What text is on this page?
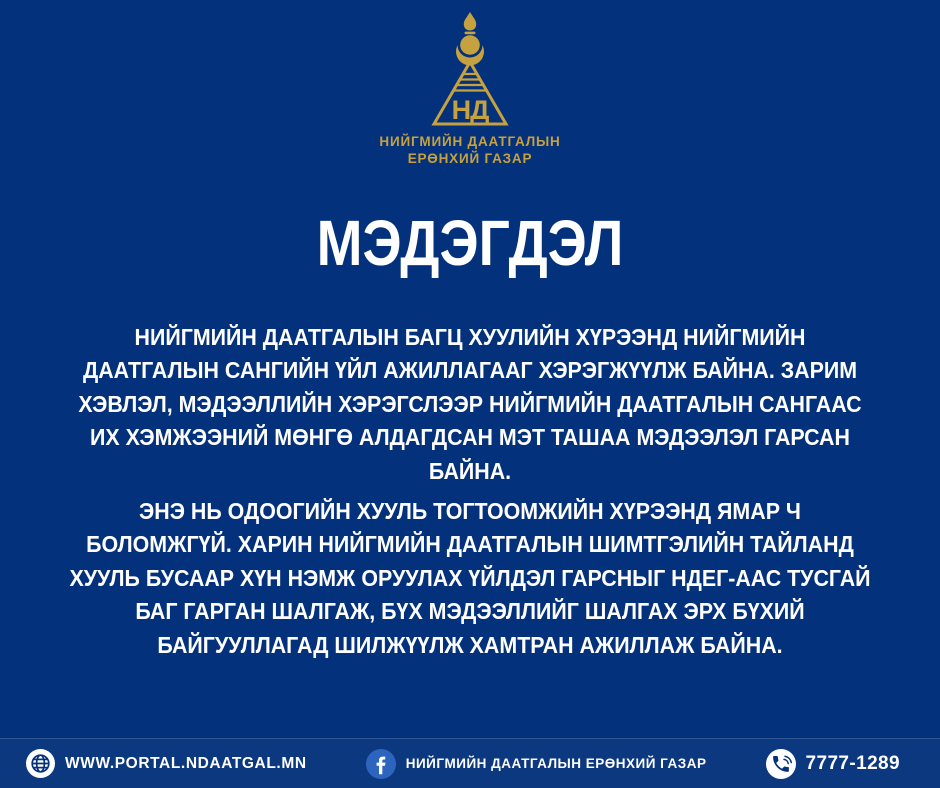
НД
НИЙГМИЙН ДААТГАЛЫН
ЕРӨНХИЙ ГАЗАР
МЭДЭГДЭЛ
НИЙГМИЙН ДААТГАЛЫН БАГЦ ХУУЛИЙН ХҮРЭЭНД НИЙГМИЙН
ДААТГАЛЫН САНГИЙН ҮЙЛ АЖИЛЛАГААГ ХЭРЭГЖҮҮЛЖ БАЙНА. ЗАРИМ
ХЭВЛЭЛ, МЭДЭЭЛЛИЙН ХЭРЭГСЛЭЭР НИЙГМИЙН ДААТГАЛЫН САНГААС
ИХ ХЭМЖЭЭНИЙ МӨНГӨ АЛДАГДСАН МЭТ ТАШАА МЭДЭЭЛЭЛ ГАРСАН
БАЙНА.
ЭНЭ НЬ ОДООГИЙН ХУУЛЬ ТОГТООМЖИЙН ХҮРЭЭНД ЯМАР Ч
БОЛОМЖГҮЙ. ХАРИН НИЙГМИЙН ДААТГАЛЫН ШИМТГЭЛИЙН ТАЙЛАНД
ХУУЛЬ БУСААР ХҮН НЭМЖ ОРУУЛАХ ҮЙЛДЭЛ ГАРСНЫГ НДЕГ-ААС ТУСГАЙ
БАГ ГАРГАН ШАЛГАЖ, БҮХ МЭДЭЭЛЛИЙГ ШАЛГАХ ЭРХ БҮХИЙ
БАЙГУУЛЛАГАД ШИЛЖҮҮЛЖ ХАМТРАН АЖИЛЛАЖ БАЙНА.
WWW.PORTAL.NDAATGAL.MN	НИЙГМИЙН ДААТГАЛЫН ЕРӨНХИЙ ГАЗАР	7777-1289
